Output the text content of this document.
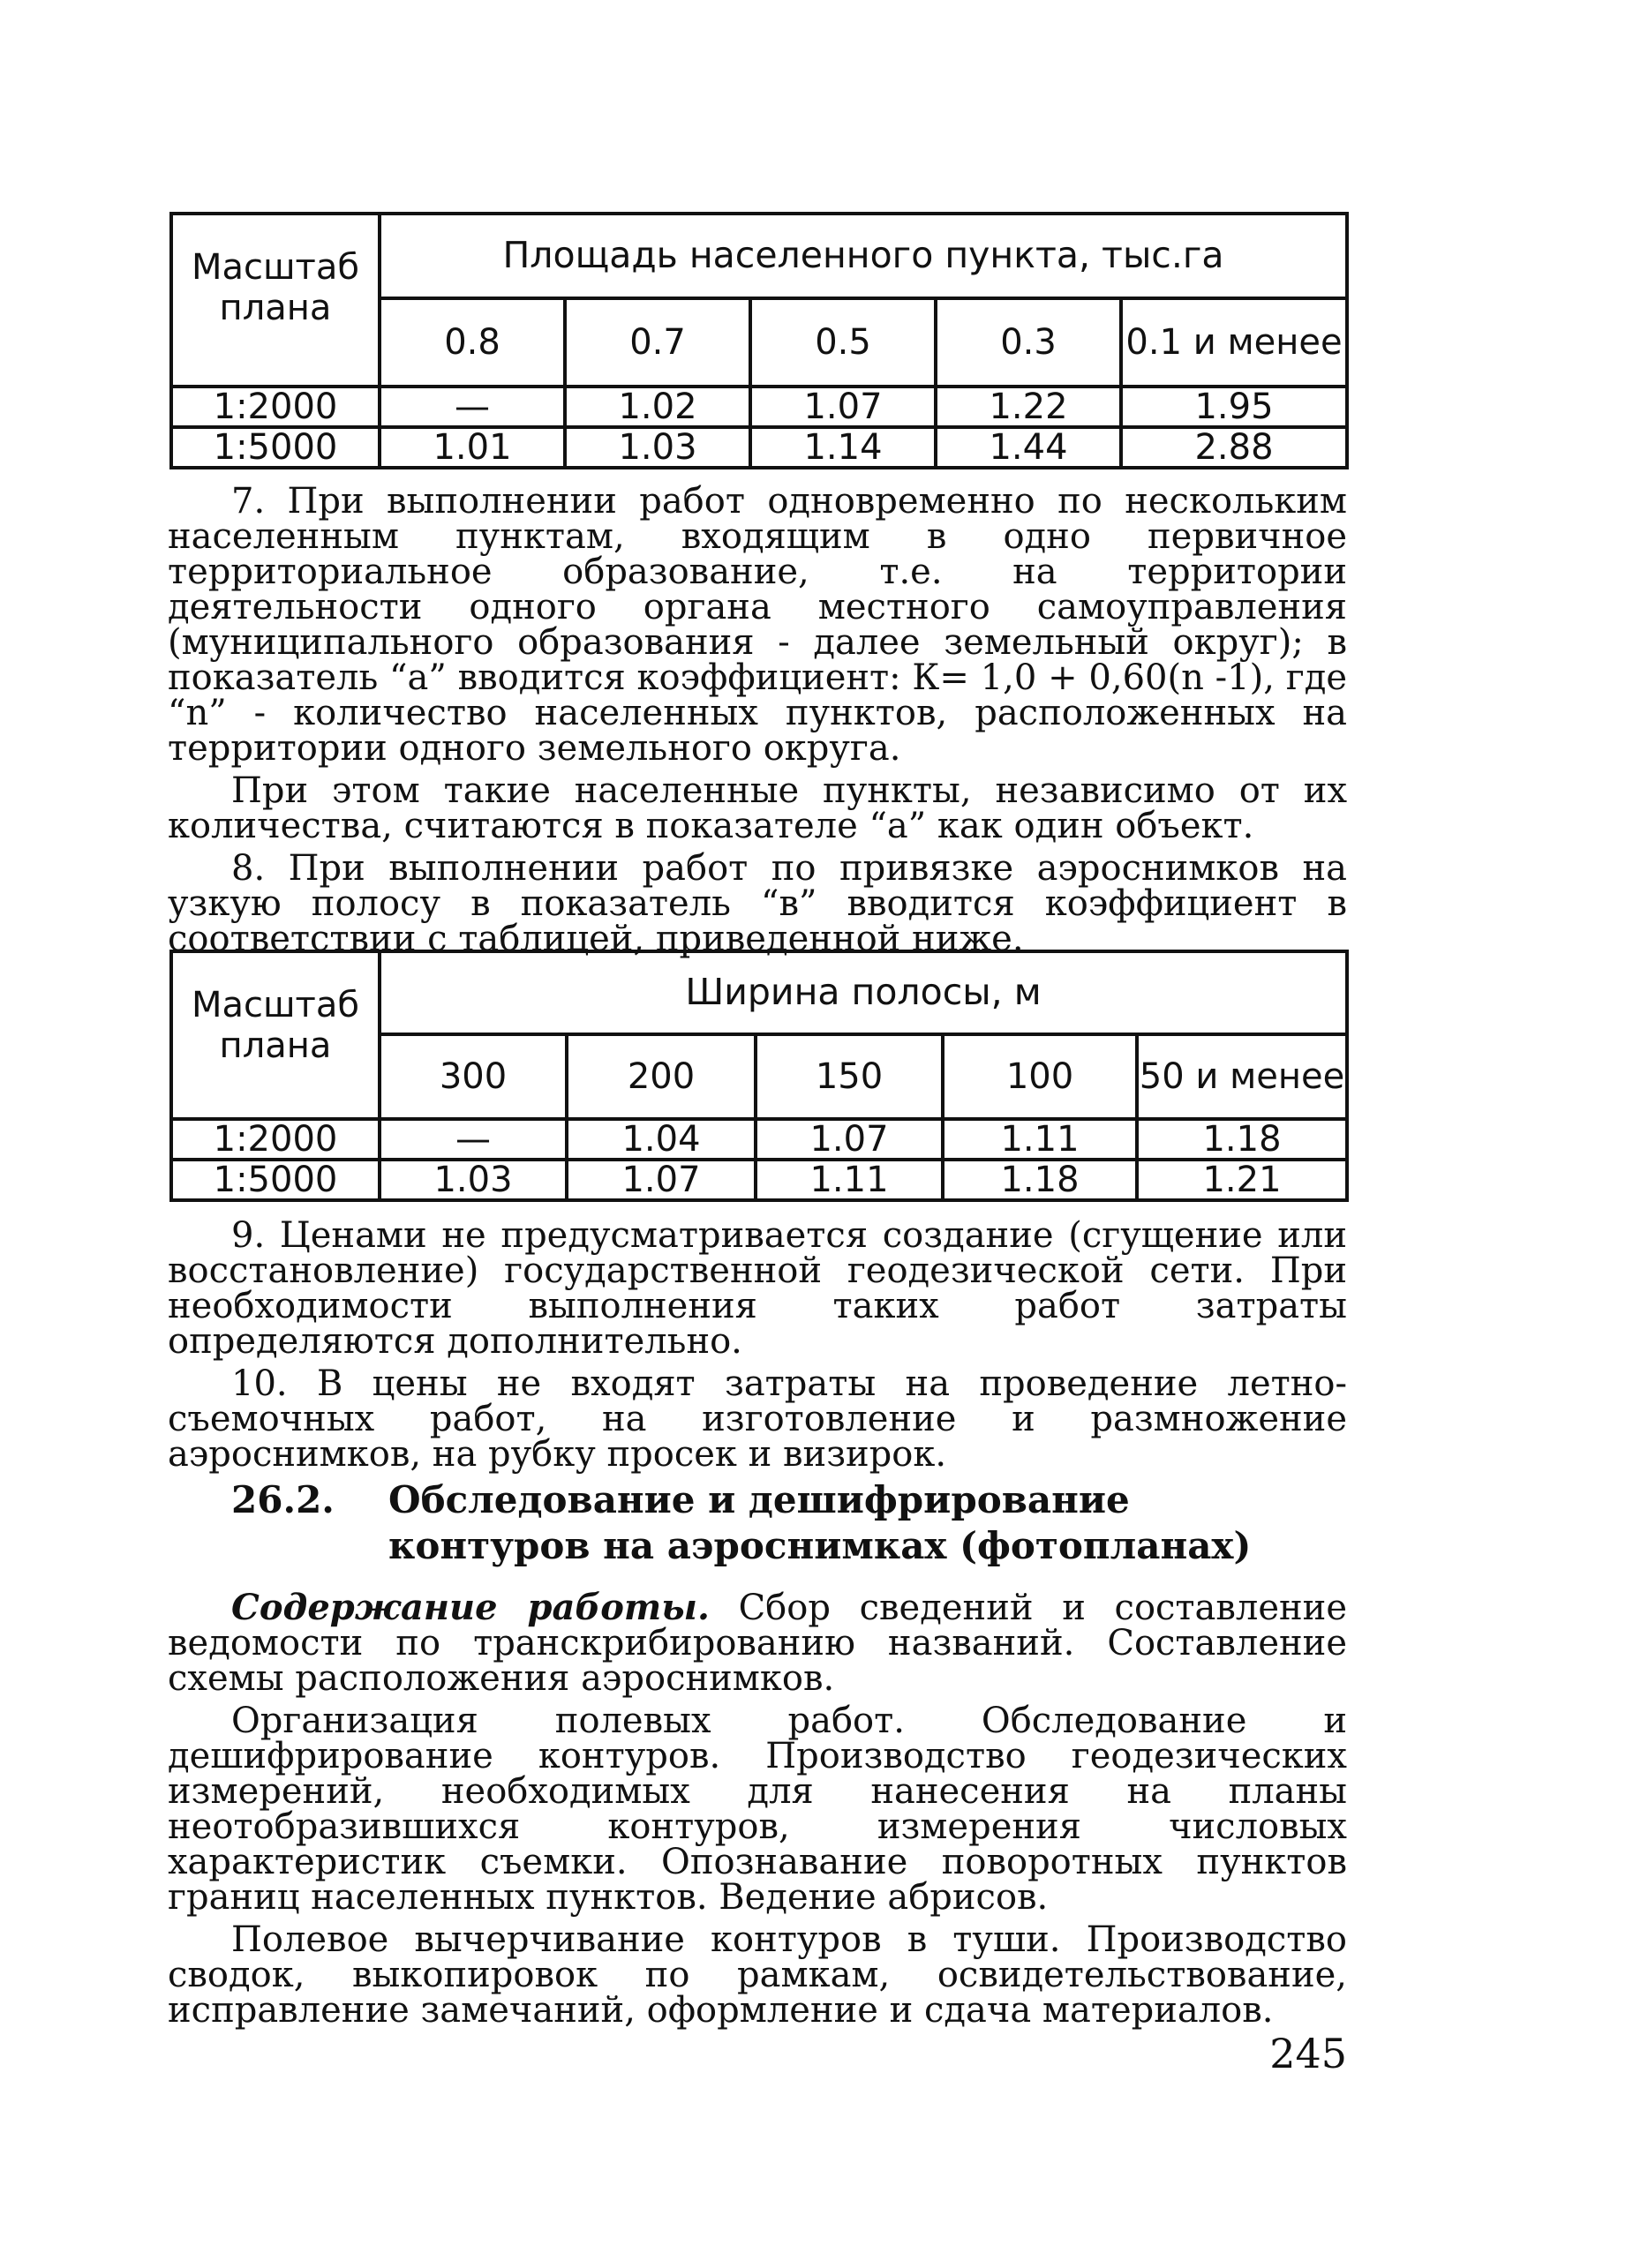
Масштаб плана	Площадь населенного пункта, тыс.га				
	0.8	0.7	0.5	0.3	0.1 и менее
1:2000	—	1.02	1.07	1.22	1.95
1:5000	1.01	1.03	1.14	1.44	2.88

7. При выполнении работ одновременно по нескольким населенным пунктам, входящим в одно первичное территориальное образование, т.е. на территории деятельности одного органа местного самоуправления (муниципального образования - далее земельный округ); в показатель “а” вводится коэффициент: К= 1,0 + 0,60(n -1), где “n” - количество населенных пунктов, расположенных на территории одного земельного округа.

При этом такие населенные пункты, независимо от их количества, считаются в показателе “а” как один объект.

8. При выполнении работ по привязке аэроснимков на узкую полосу в показатель “в” вводится коэффициент в соответствии с таблицей, приведенной ниже.

Масштаб плана	Ширина полосы, м				
	300	200	150	100	50 и менее
1:2000	—	1.04	1.07	1.11	1.18
1:5000	1.03	1.07	1.11	1.18	1.21

9. Ценами не предусматривается создание (сгущение или восстановление) государственной геодезической сети. При необходимости выполнения таких работ затраты определяются дополнительно.

10. В цены не входят затраты на проведение летно-съемочных работ, на изготовление и размножение аэроснимков, на рубку просек и визирок.

26.2. Обследование и дешифрирование контуров на аэроснимках (фотопланах)

Содержание работы. Сбор сведений и составление ведомости по транскрибированию названий. Составление схемы расположения аэроснимков.

Организация полевых работ. Обследование и дешифрирование контуров. Производство геодезических измерений, необходимых для нанесения на планы неотобразившихся контуров, измерения числовых характеристик съемки. Опознавание поворотных пунктов границ населенных пунктов. Ведение абрисов.

Полевое вычерчивание контуров в туши. Производство сводок, выкопировок по рамкам, освидетельствование, исправление замечаний, оформление и сдача материалов.

245
